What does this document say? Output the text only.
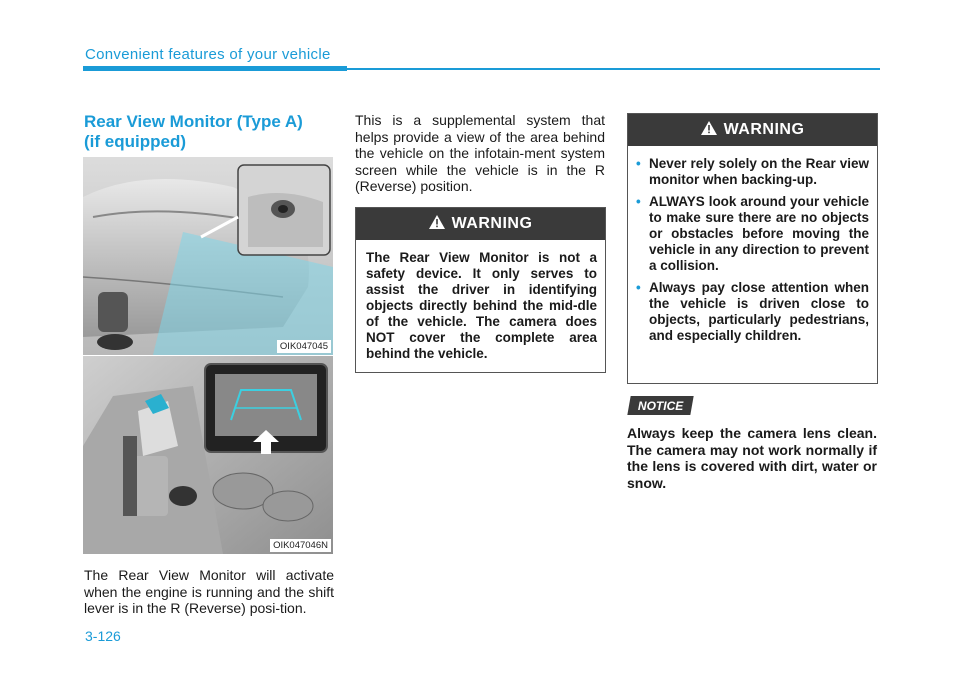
Convenient features of your vehicle
Rear View Monitor (Type A)
(if equipped)
OIK047045
OIK047046N

The Rear View Monitor will activate when the engine is running and the shift lever is in the R (Reverse) posi-tion.

This is a supplemental system that helps provide a view of the area behind the vehicle on the infotain-ment system screen while the vehicle is in the R (Reverse) position.

WARNING
The Rear View Monitor is not a safety device. It only serves to assist the driver in identifying objects directly behind the mid-dle of the vehicle. The camera does NOT cover the complete area behind the vehicle.
WARNING
• Never rely solely on the Rear view monitor when backing-up.
• ALWAYS look around your vehicle to make sure there are no objects or obstacles before moving the vehicle in any direction to prevent a collision.
• Always pay close attention when the vehicle is driven close to objects, particularly pedestrians, and especially children.
NOTICE

Always keep the camera lens clean. The camera may not work normally if the lens is covered with dirt, water or snow.

3-126
